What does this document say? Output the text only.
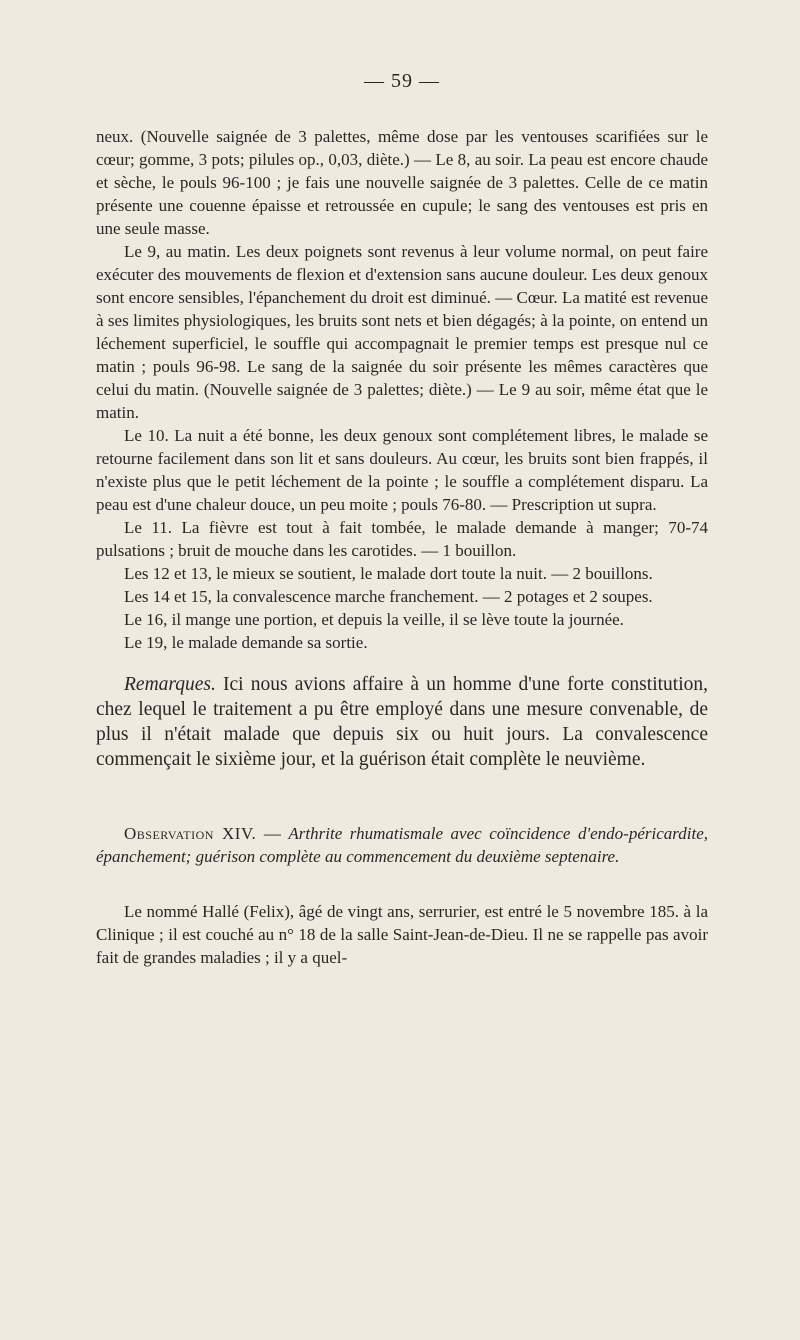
— 59 —

neux. (Nouvelle saignée de 3 palettes, même dose par les ventouses scarifiées sur le cœur; gomme, 3 pots; pilules op., 0,03, diète.) — Le 8, au soir. La peau est encore chaude et sèche, le pouls 96-100 ; je fais une nouvelle saignée de 3 palettes. Celle de ce matin présente une couenne épaisse et retroussée en cupule; le sang des ventouses est pris en une seule masse.

Le 9, au matin. Les deux poignets sont revenus à leur volume normal, on peut faire exécuter des mouvements de flexion et d'extension sans aucune douleur. Les deux genoux sont encore sensibles, l'épanchement du droit est diminué. — Cœur. La matité est revenue à ses limites physiologiques, les bruits sont nets et bien dégagés; à la pointe, on entend un léchement superficiel, le souffle qui accompagnait le premier temps est presque nul ce matin ; pouls 96-98. Le sang de la saignée du soir présente les mêmes caractères que celui du matin. (Nouvelle saignée de 3 palettes; diète.) — Le 9 au soir, même état que le matin.

Le 10. La nuit a été bonne, les deux genoux sont complétement libres, le malade se retourne facilement dans son lit et sans douleurs. Au cœur, les bruits sont bien frappés, il n'existe plus que le petit léchement de la pointe ; le souffle a complétement disparu. La peau est d'une chaleur douce, un peu moite ; pouls 76-80. — Prescription ut supra.

Le 11. La fièvre est tout à fait tombée, le malade demande à manger; 70-74 pulsations ; bruit de mouche dans les carotides. — 1 bouillon.

Les 12 et 13, le mieux se soutient, le malade dort toute la nuit. — 2 bouillons.

Les 14 et 15, la convalescence marche franchement. — 2 potages et 2 soupes.

Le 16, il mange une portion, et depuis la veille, il se lève toute la journée.

Le 19, le malade demande sa sortie.

Remarques. Ici nous avions affaire à un homme d'une forte constitution, chez lequel le traitement a pu être employé dans une mesure convenable, de plus il n'était malade que depuis six ou huit jours. La convalescence commençait le sixième jour, et la guérison était complète le neuvième.

Observation XIV. — Arthrite rhumatismale avec coïncidence d'endo-péricardite, épanchement; guérison complète au commencement du deuxième septenaire.

Le nommé Hallé (Felix), âgé de vingt ans, serrurier, est entré le 5 novembre 185. à la Clinique ; il est couché au n° 18 de la salle Saint-Jean-de-Dieu. Il ne se rappelle pas avoir fait de grandes maladies ; il y a quel-
